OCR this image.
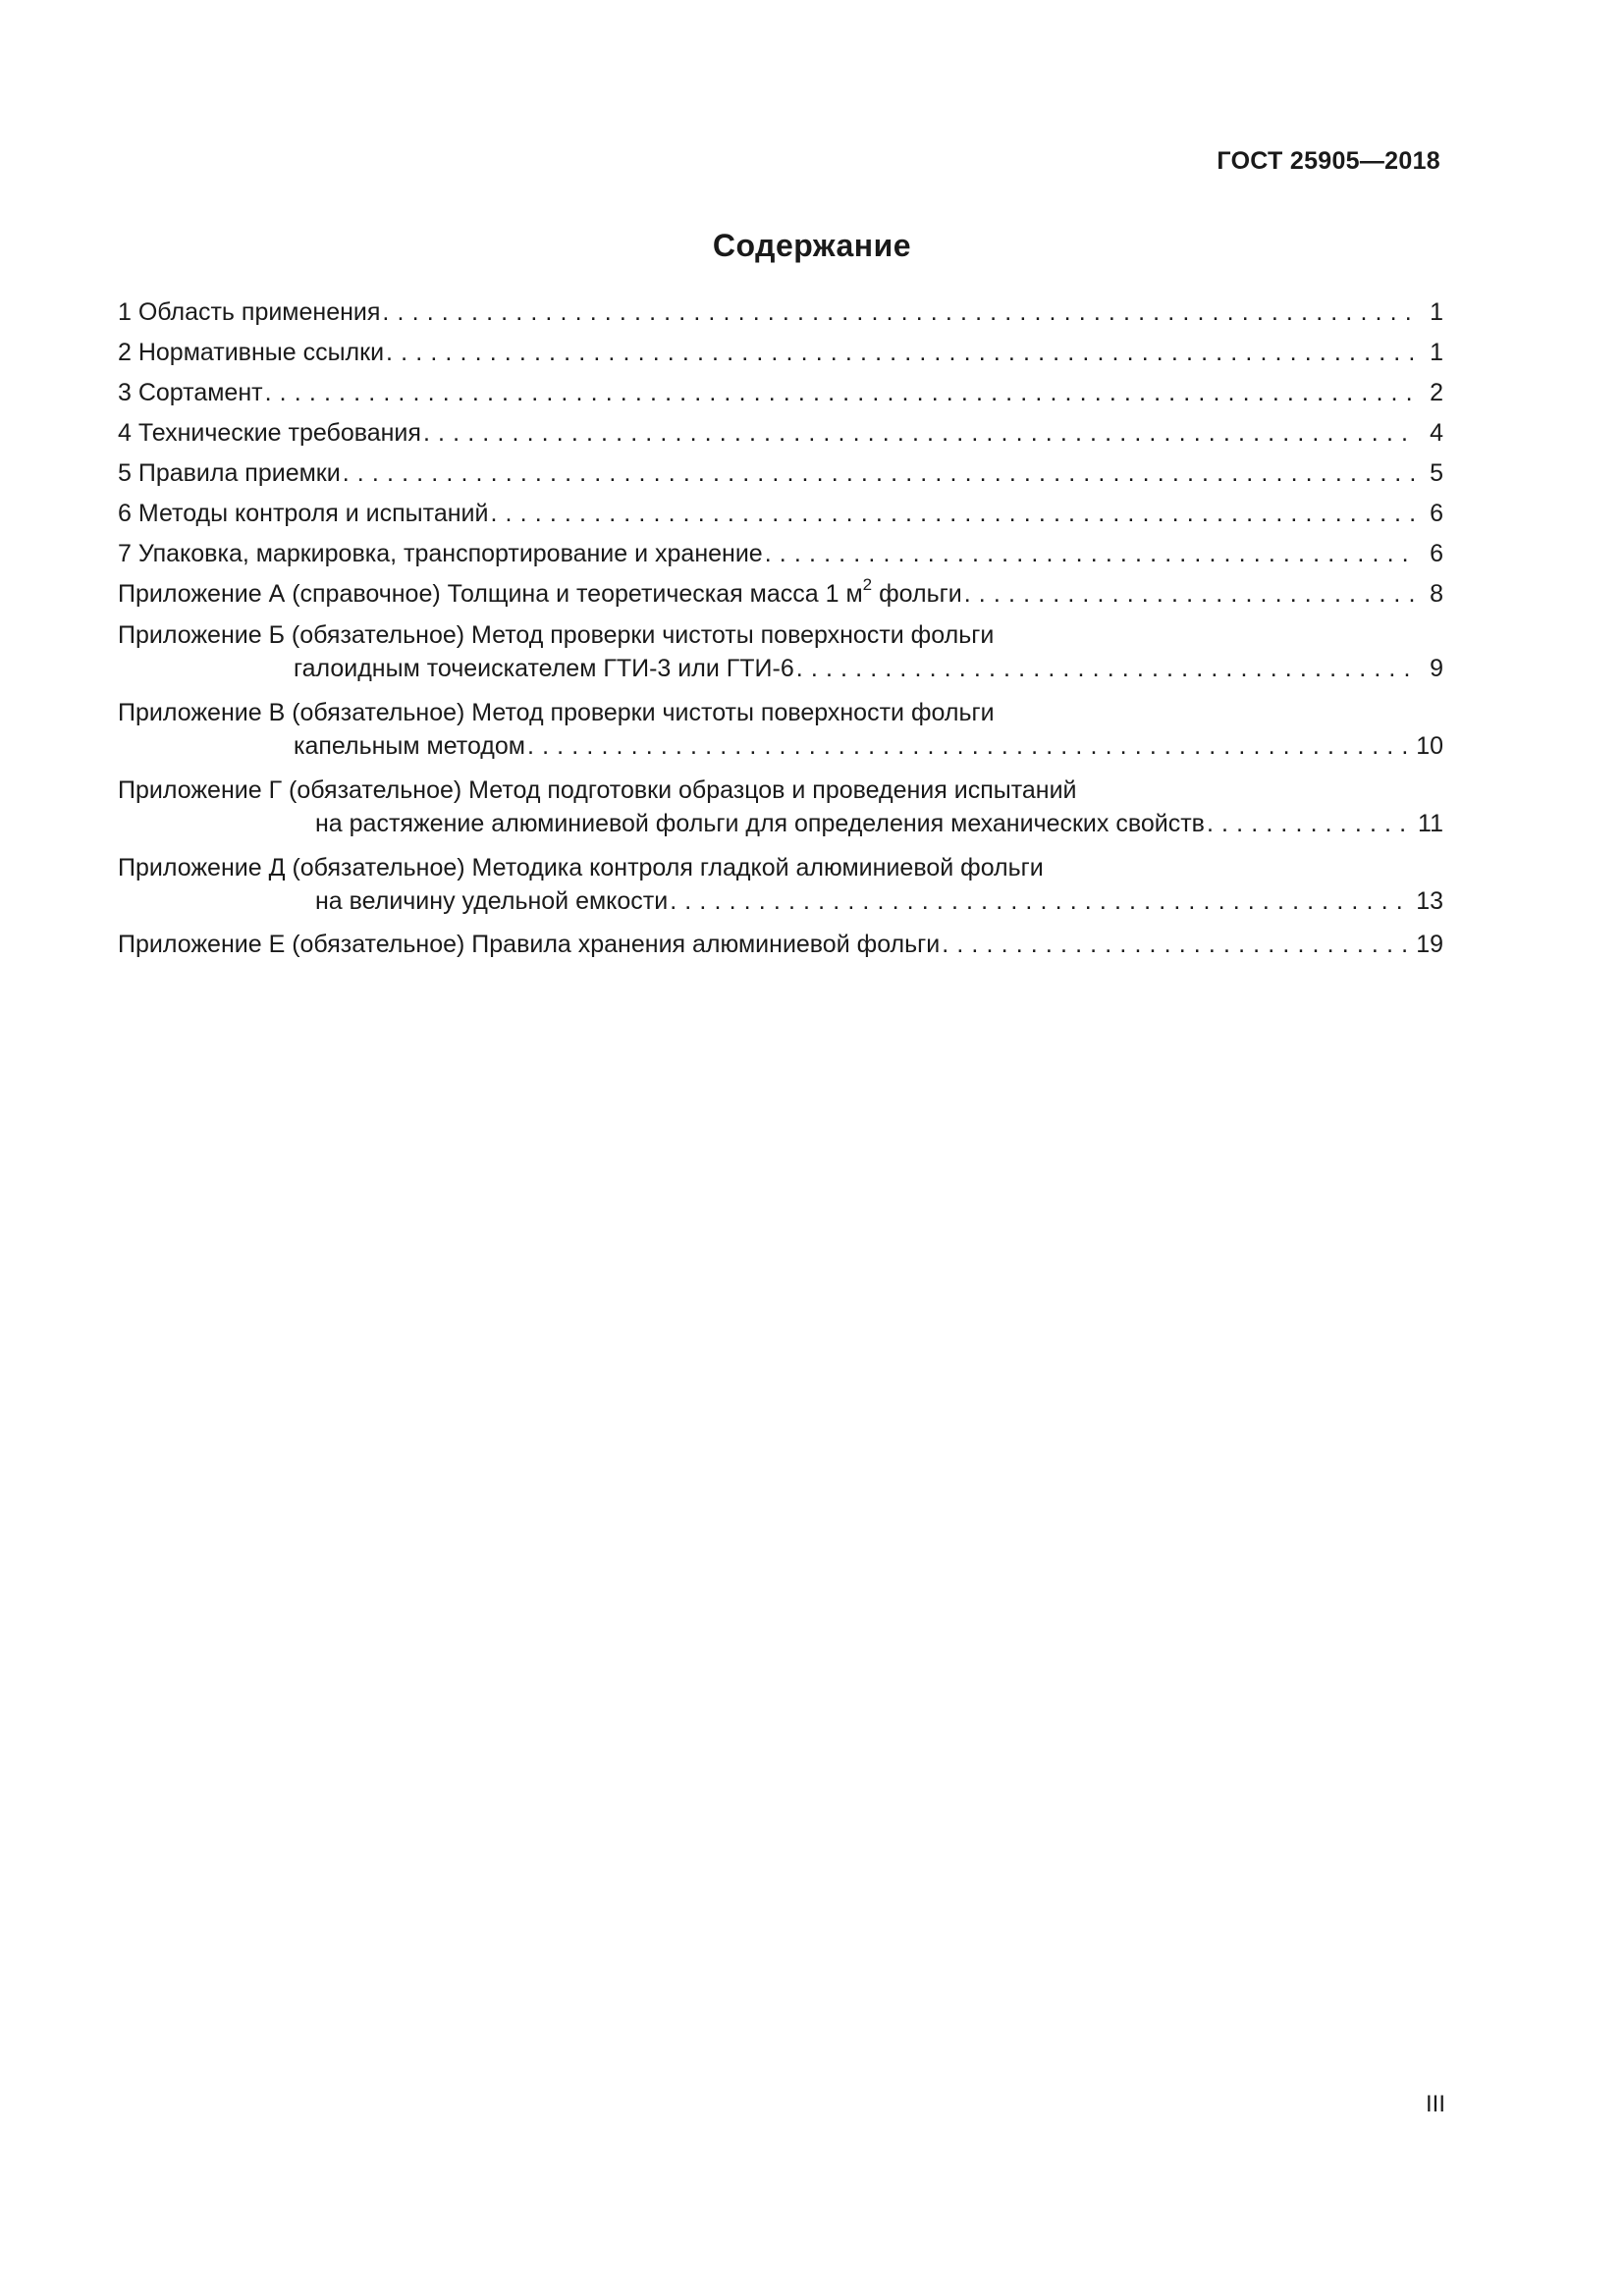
ГОСТ 25905—2018
Содержание
1 Область применения . . .	1
2 Нормативные ссылки . . .	1
3 Сортамент . . .	2
4 Технические требования . . .	4
5 Правила приемки . . .	5
6 Методы контроля и испытаний . . .	6
7 Упаковка, маркировка, транспортирование и хранение . . .	6
Приложение А (справочное) Толщина и теоретическая масса 1 $м^2$ фольги . . .	8
Приложение Б (обязательное) Метод проверки чистоты поверхности фольги
галоидным точеискателем ГТИ-3 или ГТИ-6 . . .	9
Приложение В (обязательное) Метод проверки чистоты поверхности фольги
капельным методом . . .	10
Приложение Г (обязательное) Метод подготовки образцов и проведения испытаний
на растяжение алюминиевой фольги для определения механических свойств . . .	11
Приложение Д (обязательное) Методика контроля гладкой алюминиевой фольги
на величину удельной емкости . . .	13
Приложение Е (обязательное) Правила хранения алюминиевой фольги . . .	19
III
